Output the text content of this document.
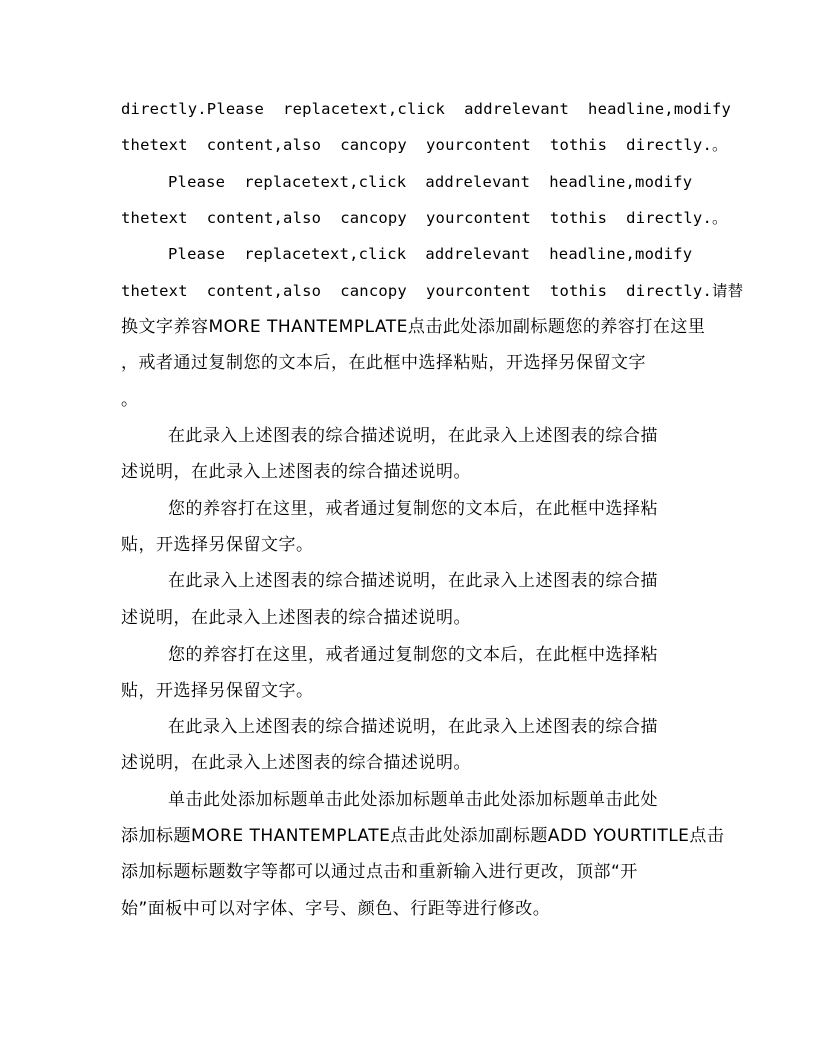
directly.Please  replacetext,click  addrelevant  headline,modify
thetext  content,also  cancopy  yourcontent  tothis  directly.。
Please  replacetext,click  addrelevant  headline,modify
thetext  content,also  cancopy  yourcontent  tothis  directly.。
Please  replacetext,click  addrelevant  headline,modify
thetext  content,also  cancopy  yourcontent  tothis  directly.请替
换文字养容MORE THANTEMPLATE点击此处添加副标题您的养容打在这里
，戒者通过复制您的文本后，在此框中选择粘贴，开选择另保留文字
。
在此录入上述图表的综合描述说明，在此录入上述图表的综合描
述说明，在此录入上述图表的综合描述说明。
您的养容打在这里，戒者通过复制您的文本后，在此框中选择粘
贴，开选择另保留文字。
在此录入上述图表的综合描述说明，在此录入上述图表的综合描
述说明，在此录入上述图表的综合描述说明。
您的养容打在这里，戒者通过复制您的文本后，在此框中选择粘
贴，开选择另保留文字。
在此录入上述图表的综合描述说明，在此录入上述图表的综合描
述说明，在此录入上述图表的综合描述说明。
单击此处添加标题单击此处添加标题单击此处添加标题单击此处
添加标题MORE THANTEMPLATE点击此处添加副标题ADD YOURTITLE点击
添加标题标题数字等都可以通过点击和重新输入进行更改，顶部“开
始”面板中可以对字体、字号、颜色、行距等进行修改。
